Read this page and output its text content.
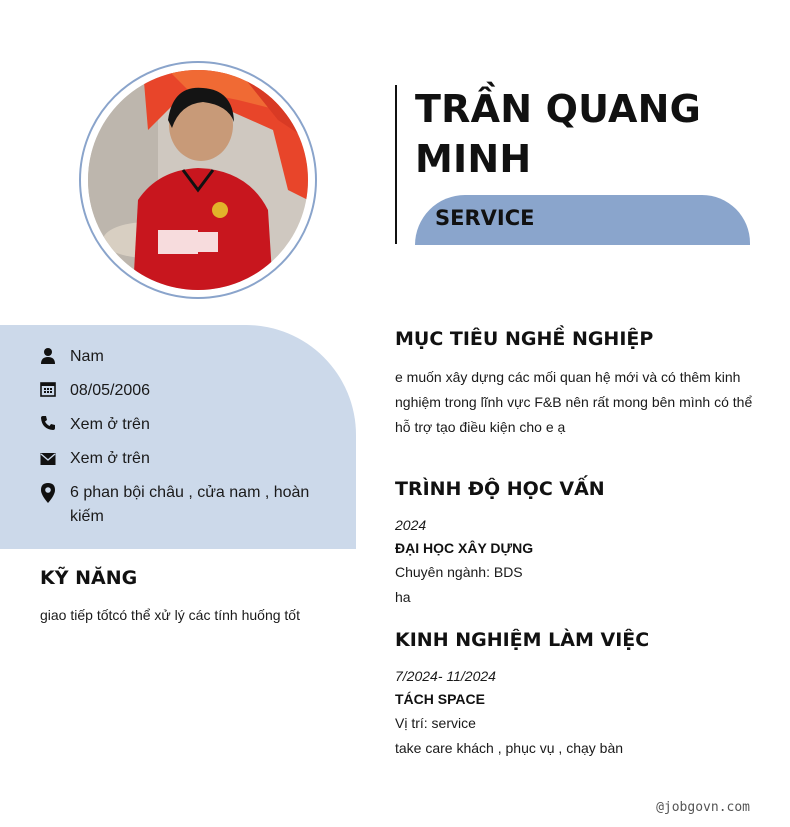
TRẦN QUANG MINH
SERVICE
Nam
08/05/2006
Xem ở trên
Xem ở trên
6 phan bội châu , cửa nam , hoàn kiếm
KỸ NĂNG
giao tiếp tốtcó thể xử lý các tính huống tốt
MỤC TIÊU NGHỀ NGHIỆP
e muốn xây dựng các mối quan hệ mới và có thêm kinh nghiệm trong lĩnh vực F&B nên rất mong bên mình có thể hỗ trợ tạo điều kiện cho e ạ
TRÌNH ĐỘ HỌC VẤN
2024
ĐẠI HỌC XÂY DỰNG
Chuyên ngành: BDS
ha
KINH NGHIỆM LÀM VIỆC
7/2024- 11/2024
TÁCH SPACE
Vị trí: service
take care khách , phục vụ , chạy bàn
@jobgovn.com
